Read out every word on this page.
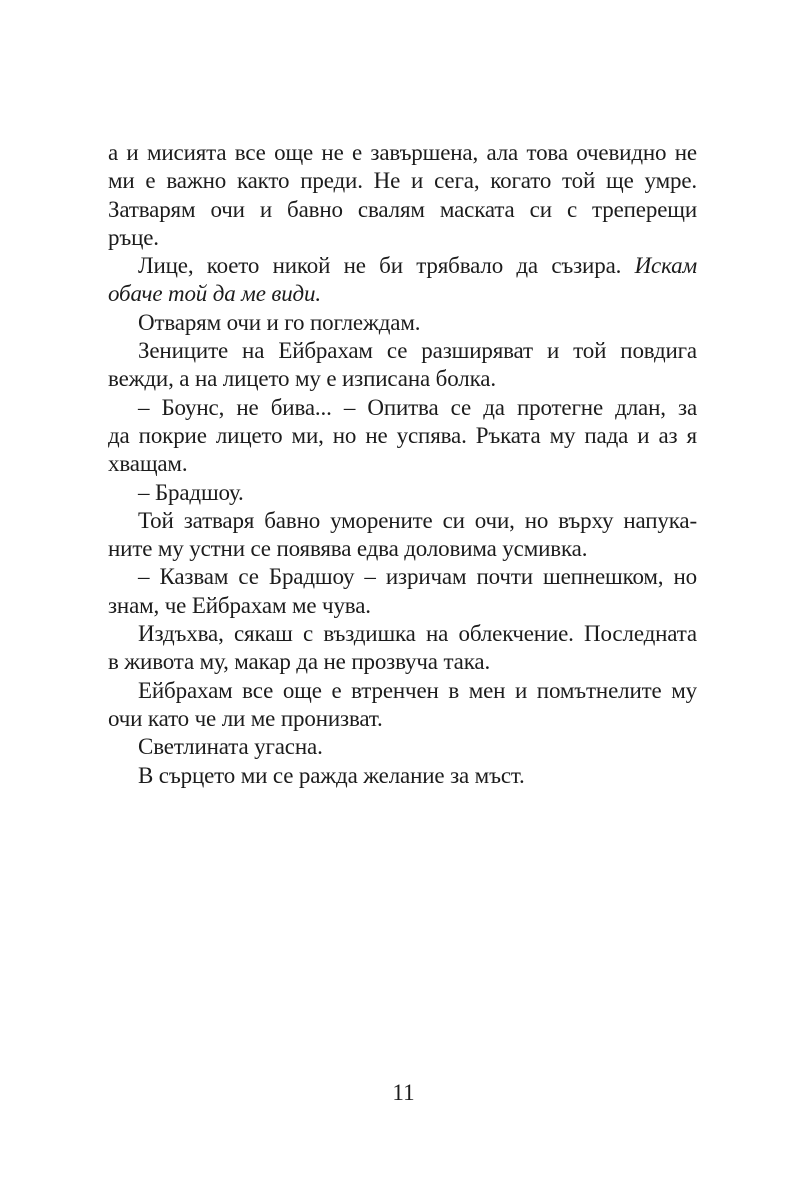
а и мисията все още не е завършена, ала това очевидно не
ми е важно както преди. Не и сега, когато той ще умре.
Затварям очи и бавно свалям маската си с треперещи
ръце.
Лице, което никой не би трябвало да съзира. Искам
обаче той да ме види.
Отварям очи и го поглеждам.
Зениците на Ейбрахам се разширяват и той повдига
вежди, а на лицето му е изписана болка.
– Боунс, не бива... – Опитва се да протегне длан, за
да покрие лицето ми, но не успява. Ръката му пада и аз я
хващам.
– Брадшоу.
Той затваря бавно уморените си очи, но върху напука-
ните му устни се появява едва доловима усмивка.
– Казвам се Брадшоу – изричам почти шепнешком, но
знам, че Ейбрахам ме чува.
Издъхва, сякаш с въздишка на облекчение. Последната
в живота му, макар да не прозвуча така.
Ейбрахам все още е втренчен в мен и помътнелите му
очи като че ли ме пронизват.
Светлината угасна.
В сърцето ми се ражда желание за мъст.
11
